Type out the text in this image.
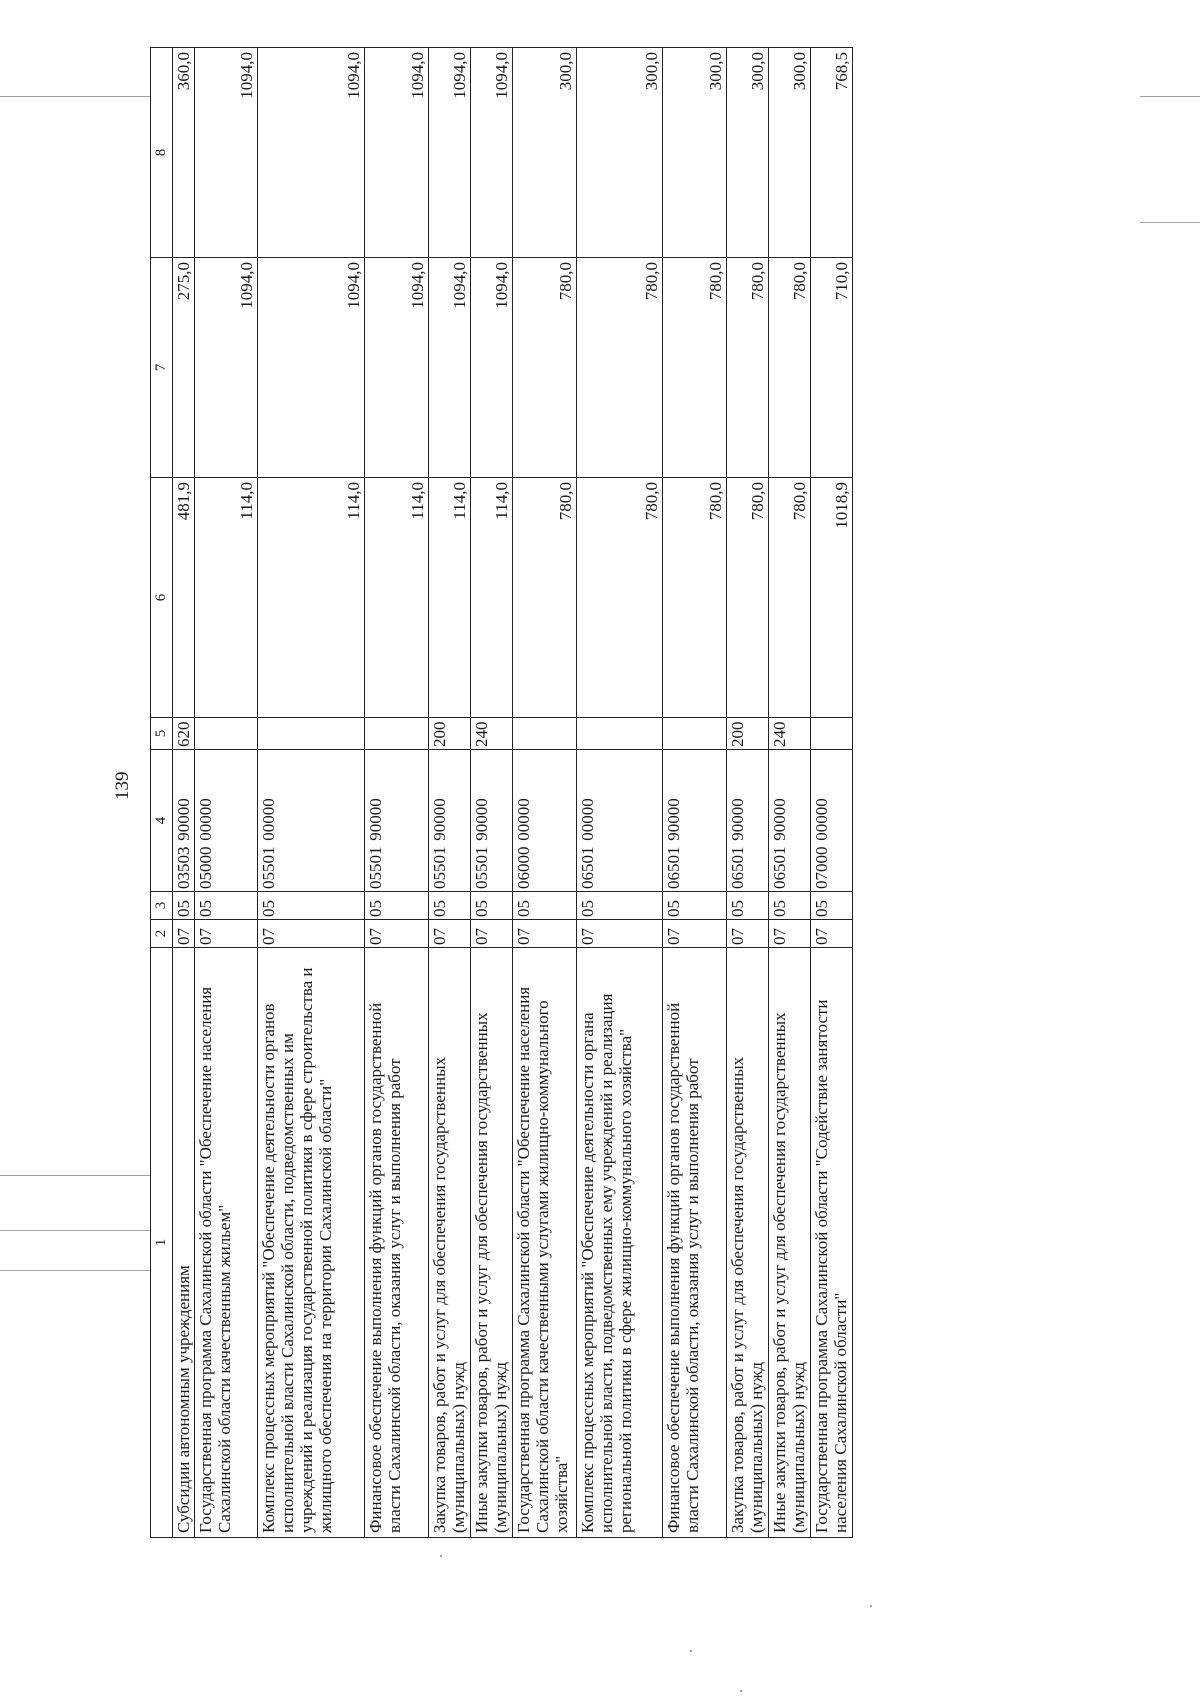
139
1	2	3	4	5	6	7	8
Субсидии автономным учреждениям	07	05	03503 90000	620	481,9	275,0	360,0
Государственная программа Сахалинской области "Обеспечение населения Сахалинской области качественным жильем"	07	05	05000 00000		114,0	1094,0	1094,0
Комплекс процессных мероприятий "Обеспечение деятельности органов исполнительной власти Сахалинской области, подведомственных им учреждений и реализация государственной политики в сфере строительства и жилищного обеспечения на территории Сахалинской области"	07	05	05501 00000		114,0	1094,0	1094,0
Финансовое обеспечение выполнения функций органов государственной власти Сахалинской области, оказания услуг и выполнения работ	07	05	05501 90000		114,0	1094,0	1094,0
Закупка товаров, работ и услуг для обеспечения государственных (муниципальных) нужд	07	05	05501 90000	200	114,0	1094,0	1094,0
Иные закупки товаров, работ и услуг для обеспечения государственных (муниципальных) нужд	07	05	05501 90000	240	114,0	1094,0	1094,0
Государственная программа Сахалинской области "Обеспечение населения Сахалинской области качественными услугами жилищно-коммунального хозяйства"	07	05	06000 00000		780,0	780,0	300,0
Комплекс процессных мероприятий "Обеспечение деятельности органа исполнительной власти, подведомственных ему учреждений и реализация региональной политики в сфере жилищно-коммунального хозяйства"	07	05	06501 00000		780,0	780,0	300,0
Финансовое обеспечение выполнения функций органов государственной власти Сахалинской области, оказания услуг и выполнения работ	07	05	06501 90000		780,0	780,0	300,0
Закупка товаров, работ и услуг для обеспечения государственных (муниципальных) нужд	07	05	06501 90000	200	780,0	780,0	300,0
Иные закупки товаров, работ и услуг для обеспечения государственных (муниципальных) нужд	07	05	06501 90000	240	780,0	780,0	300,0
Государственная программа Сахалинской области "Содействие занятости населения Сахалинской области"	07	05	07000 00000		1018,9	710,0	768,5
